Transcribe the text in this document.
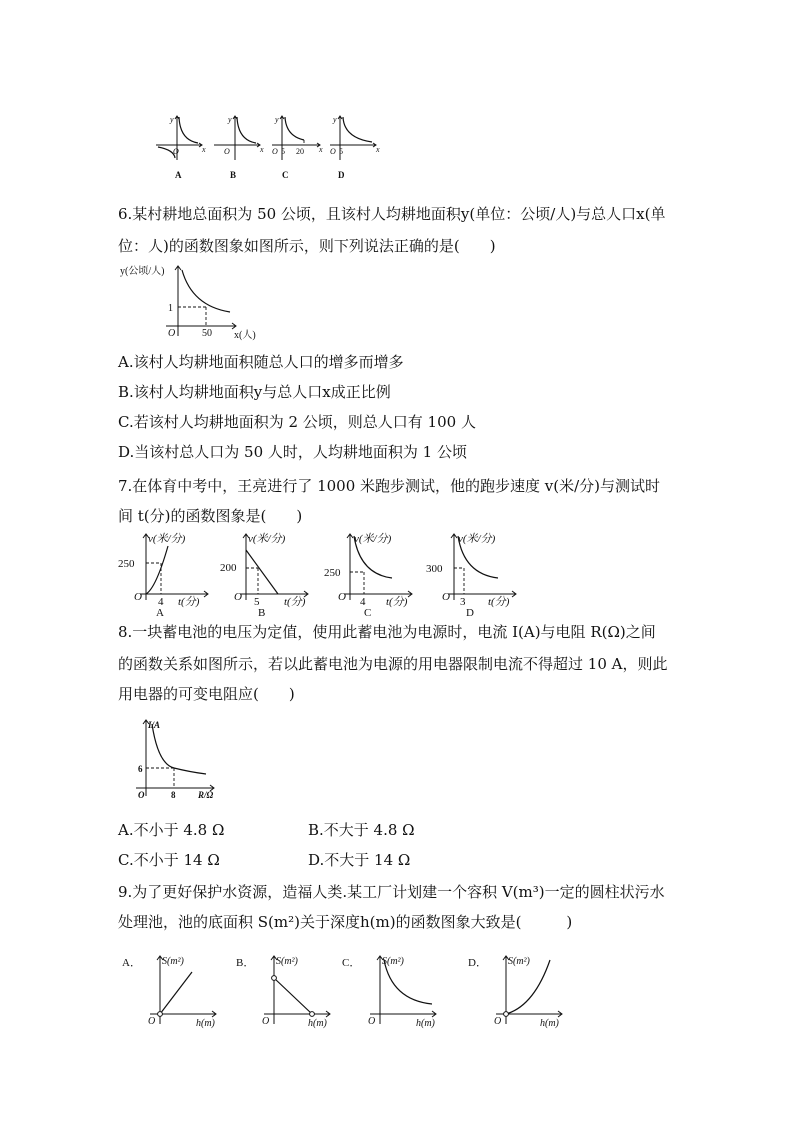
y
O	x
A
y
O	x
B
y
O 5 20 x
C
y
O 5	x
D
6.某村耕地总面积为 50 公顷，且该村人均耕地面积y(单位：公顷/人)与总人口x(单
位：人)的函数图象如图所示，则下列说法正确的是(　　)
y(公顷/人)
1
O	50 x(人)
A.该村人均耕地面积随总人口的增多而增多
B.该村人均耕地面积y与总人口x成正比例
C.若该村人均耕地面积为 2 公顷，则总人口有 100 人
D.当该村总人口为 50 人时，人均耕地面积为 1 公顷
7.在体育中考中，王亮进行了 1000 米跑步测试，他的跑步速度 v(米/分)与测试时
间 t(分)的函数图象是(　　)
v(米/分)
250
O 4 t(分)
A
v(米/分)
200
O 5 t(分)
B
v(米/分)
250
O 4 t(分)
C
v(米/分)
300
O 3 t(分)
D
8.一块蓄电池的电压为定值，使用此蓄电池为电源时，电流 I(A)与电阻 R(Ω)之间
的函数关系如图所示，若以此蓄电池为电源的用电器限制电流不得超过 10 A，则此
用电器的可变电阻应(　　)
I/A
6
O	8	R/Ω
A.不小于 4.8 Ω	B.不大于 4.8 Ω
C.不小于 14 Ω	D.不大于 14 Ω
9.为了更好保护水资源，造福人类.某工厂计划建一个容积 V(m³)一定的圆柱状污水
处理池，池的底面积 S(m²)关于深度h(m)的函数图象大致是(　　　)
A． S(m²)
O	h(m)
B． S(m²)
O	h(m)
C． S(m²)
O	h(m)
D． S(m²)
O	h(m)
